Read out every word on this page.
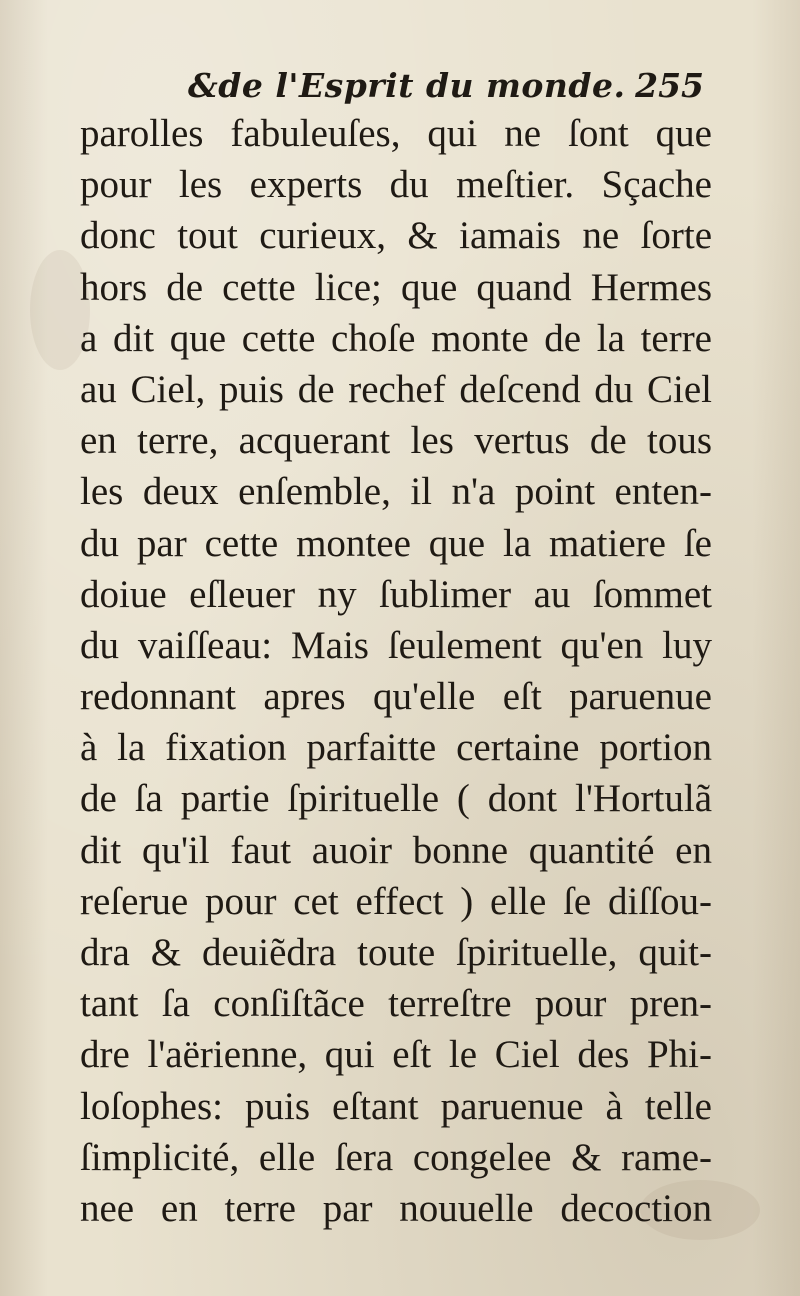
&de l'Esprit du monde. 255
parolles fabuleuſes, qui ne ſont que
pour les experts du meſtier. Sçache
donc tout curieux, & iamais ne ſorte
hors de cette lice; que quand Hermes
a dit que cette choſe monte de la terre
au Ciel, puis de rechef deſcend du Ciel
en terre, acquerant les vertus de tous
les deux enſemble, il n'a point enten-
du par cette montee que la matiere ſe
doiue eſleuer ny ſublimer au ſommet
du vaiſſeau: Mais ſeulement qu'en luy
redonnant apres qu'elle eſt paruenue
à la fixation parfaitte certaine portion
de ſa partie ſpirituelle ( dont l'Hortulã
dit qu'il faut auoir bonne quantité en
reſerue pour cet effect ) elle ſe diſſou-
dra & deuiẽdra toute ſpirituelle, quit-
tant ſa conſiſtãce terreſtre pour pren-
dre l'aërienne, qui eſt le Ciel des Phi-
loſophes: puis eſtant paruenue à telle
ſimplicité, elle ſera congelee & rame-
nee en terre par nouuelle decoction
